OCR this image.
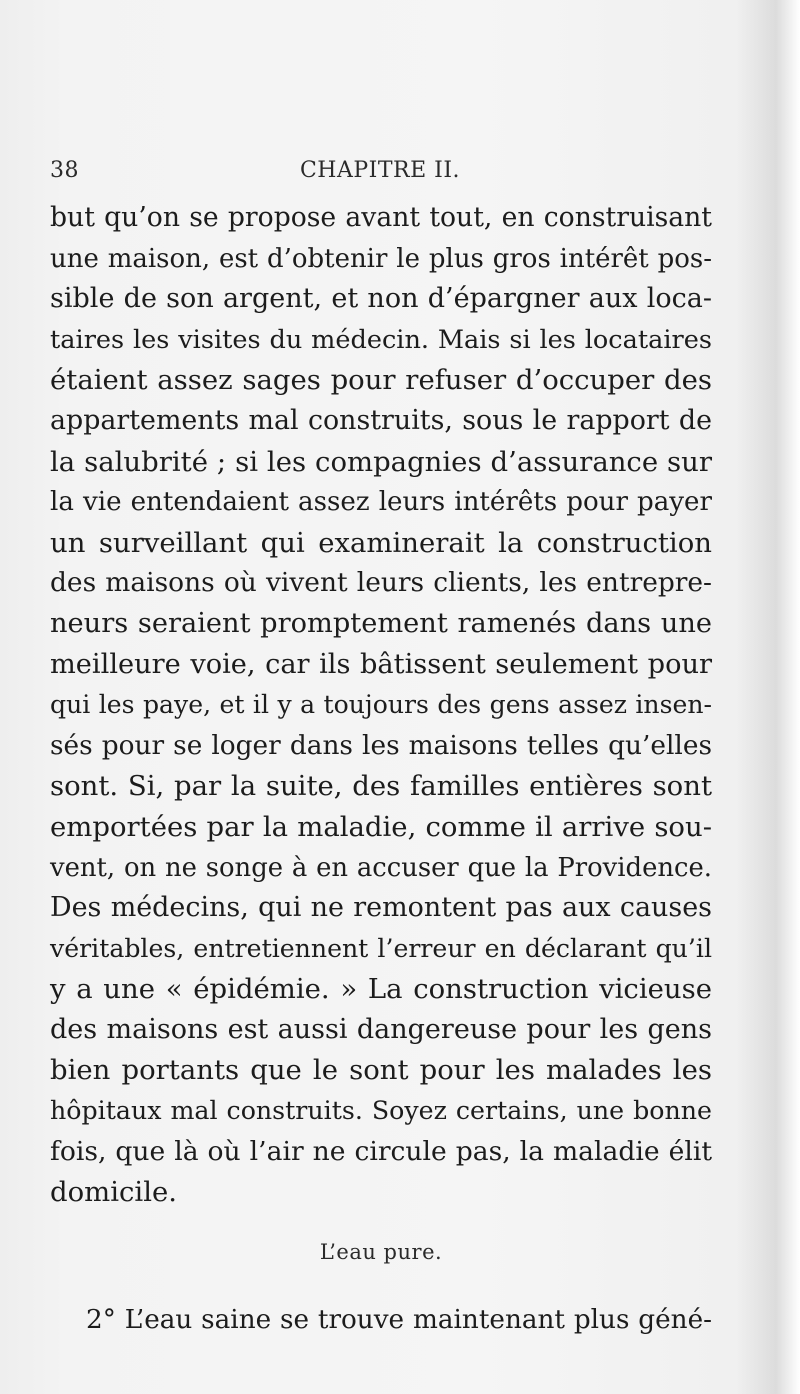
38	CHAPITRE II.
but qu’on se propose avant tout, en construisant
une maison, est d’obtenir le plus gros intérêt pos-
sible de son argent, et non d’épargner aux loca-
taires les visites du médecin. Mais si les locataires
étaient assez sages pour refuser d’occuper des
appartements mal construits, sous le rapport de
la salubrité ; si les compagnies d’assurance sur
la vie entendaient assez leurs intérêts pour payer
un surveillant qui examinerait la construction
des maisons où vivent leurs clients, les entrepre-
neurs seraient promptement ramenés dans une
meilleure voie, car ils bâtissent seulement pour
qui les paye, et il y a toujours des gens assez insen-
sés pour se loger dans les maisons telles qu’elles
sont. Si, par la suite, des familles entières sont
emportées par la maladie, comme il arrive sou-
vent, on ne songe à en accuser que la Providence.
Des médecins, qui ne remontent pas aux causes
véritables, entretiennent l’erreur en déclarant qu’il
y a une « épidémie. » La construction vicieuse
des maisons est aussi dangereuse pour les gens
bien portants que le sont pour les malades les
hôpitaux mal construits. Soyez certains, une bonne
fois, que là où l’air ne circule pas, la maladie élit
domicile.
L’eau pure.
2° L’eau saine se trouve maintenant plus géné-
